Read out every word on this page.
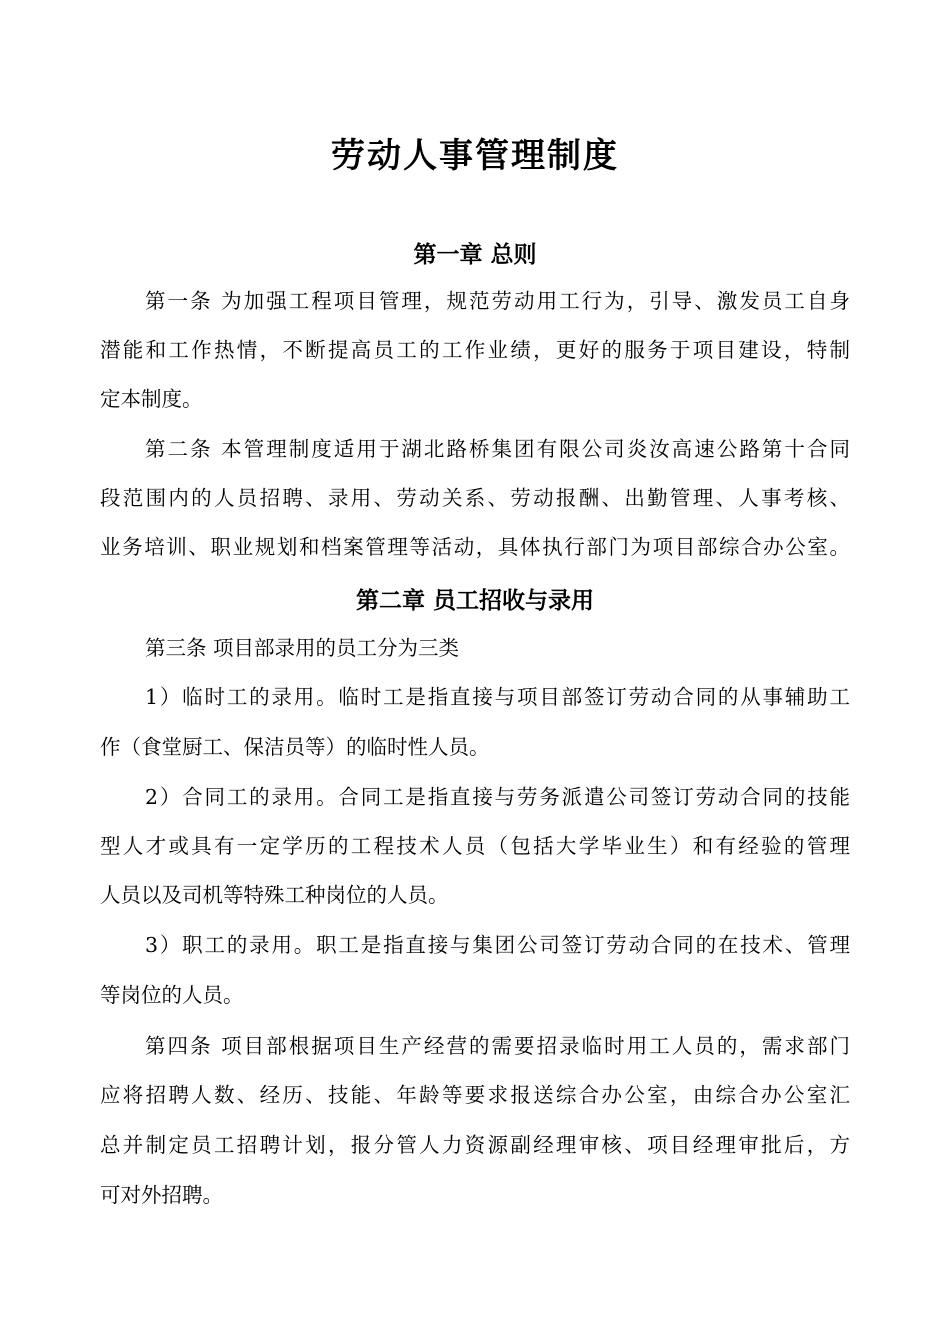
劳动人事管理制度
第一章 总则
第一条 为加强工程项目管理，规范劳动用工行为，引导、激发员工自身
潜能和工作热情，不断提高员工的工作业绩，更好的服务于项目建设，特制
定本制度。
第二条 本管理制度适用于湖北路桥集团有限公司炎汝高速公路第十合同
段范围内的人员招聘、录用、劳动关系、劳动报酬、出勤管理、人事考核、
业务培训、职业规划和档案管理等活动，具体执行部门为项目部综合办公室。
第二章 员工招收与录用
第三条 项目部录用的员工分为三类
1）临时工的录用。临时工是指直接与项目部签订劳动合同的从事辅助工
作（食堂厨工、保洁员等）的临时性人员。
2）合同工的录用。合同工是指直接与劳务派遣公司签订劳动合同的技能
型人才或具有一定学历的工程技术人员（包括大学毕业生）和有经验的管理
人员以及司机等特殊工种岗位的人员。
3）职工的录用。职工是指直接与集团公司签订劳动合同的在技术、管理
等岗位的人员。
第四条 项目部根据项目生产经营的需要招录临时用工人员的，需求部门
应将招聘人数、经历、技能、年龄等要求报送综合办公室，由综合办公室汇
总并制定员工招聘计划，报分管人力资源副经理审核、项目经理审批后，方
可对外招聘。
